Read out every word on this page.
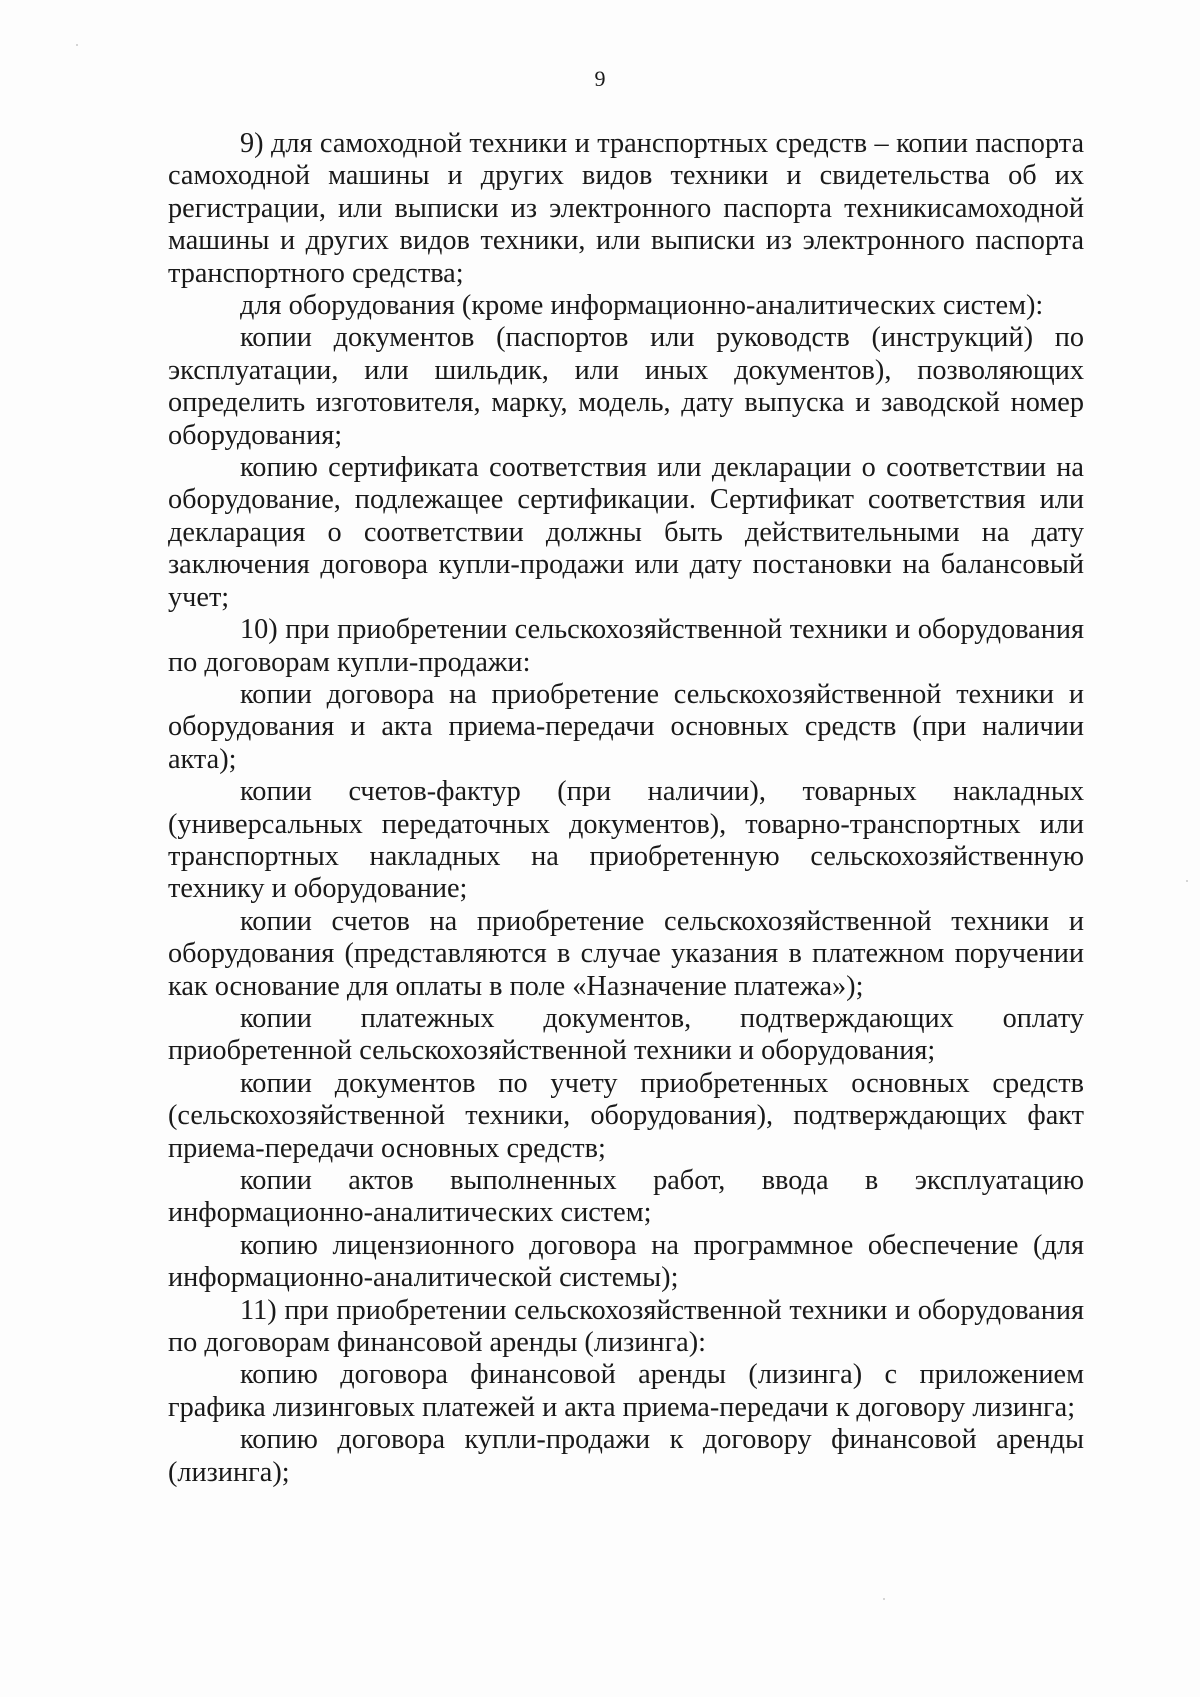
9

9) для самоходной техники и транспортных средств – копии паспорта самоходной машины и других видов техники и свидетельства об их регистрации, или выписки из электронного паспорта техникисамоходной машины и других видов техники, или выписки из электронного паспорта транспортного средства;

для оборудования (кроме информационно-аналитических систем):

копии документов (паспортов или руководств (инструкций) по эксплуатации, или шильдик, или иных документов), позволяющих определить изготовителя, марку, модель, дату выпуска и заводской номер оборудования;

копию сертификата соответствия или декларации о соответствии на оборудование, подлежащее сертификации. Сертификат соответствия или декларация о соответствии должны быть действительными на дату заключения договора купли-продажи или дату постановки на балансовый учет;

10) при приобретении сельскохозяйственной техники и оборудования по договорам купли-продажи:

копии договора на приобретение сельскохозяйственной техники и оборудования и акта приема-передачи основных средств (при наличии акта);

копии счетов-фактур (при наличии), товарных накладных (универсальных передаточных документов), товарно-транспортных или транспортных накладных на приобретенную сельскохозяйственную технику и оборудование;

копии счетов на приобретение сельскохозяйственной техники и оборудования (представляются в случае указания в платежном поручении как основание для оплаты в поле «Назначение платежа»);

копии платежных документов, подтверждающих оплату приобретенной сельскохозяйственной техники и оборудования;

копии документов по учету приобретенных основных средств (сельскохозяйственной техники, оборудования), подтверждающих факт приема-передачи основных средств;

копии актов выполненных работ, ввода в эксплуатацию информационно-аналитических систем;

копию лицензионного договора на программное обеспечение (для информационно-аналитической системы);

11) при приобретении сельскохозяйственной техники и оборудования по договорам финансовой аренды (лизинга):

копию договора финансовой аренды (лизинга) с приложением графика лизинговых платежей и акта приема-передачи к договору лизинга;

копию договора купли-продажи к договору финансовой аренды (лизинга);
